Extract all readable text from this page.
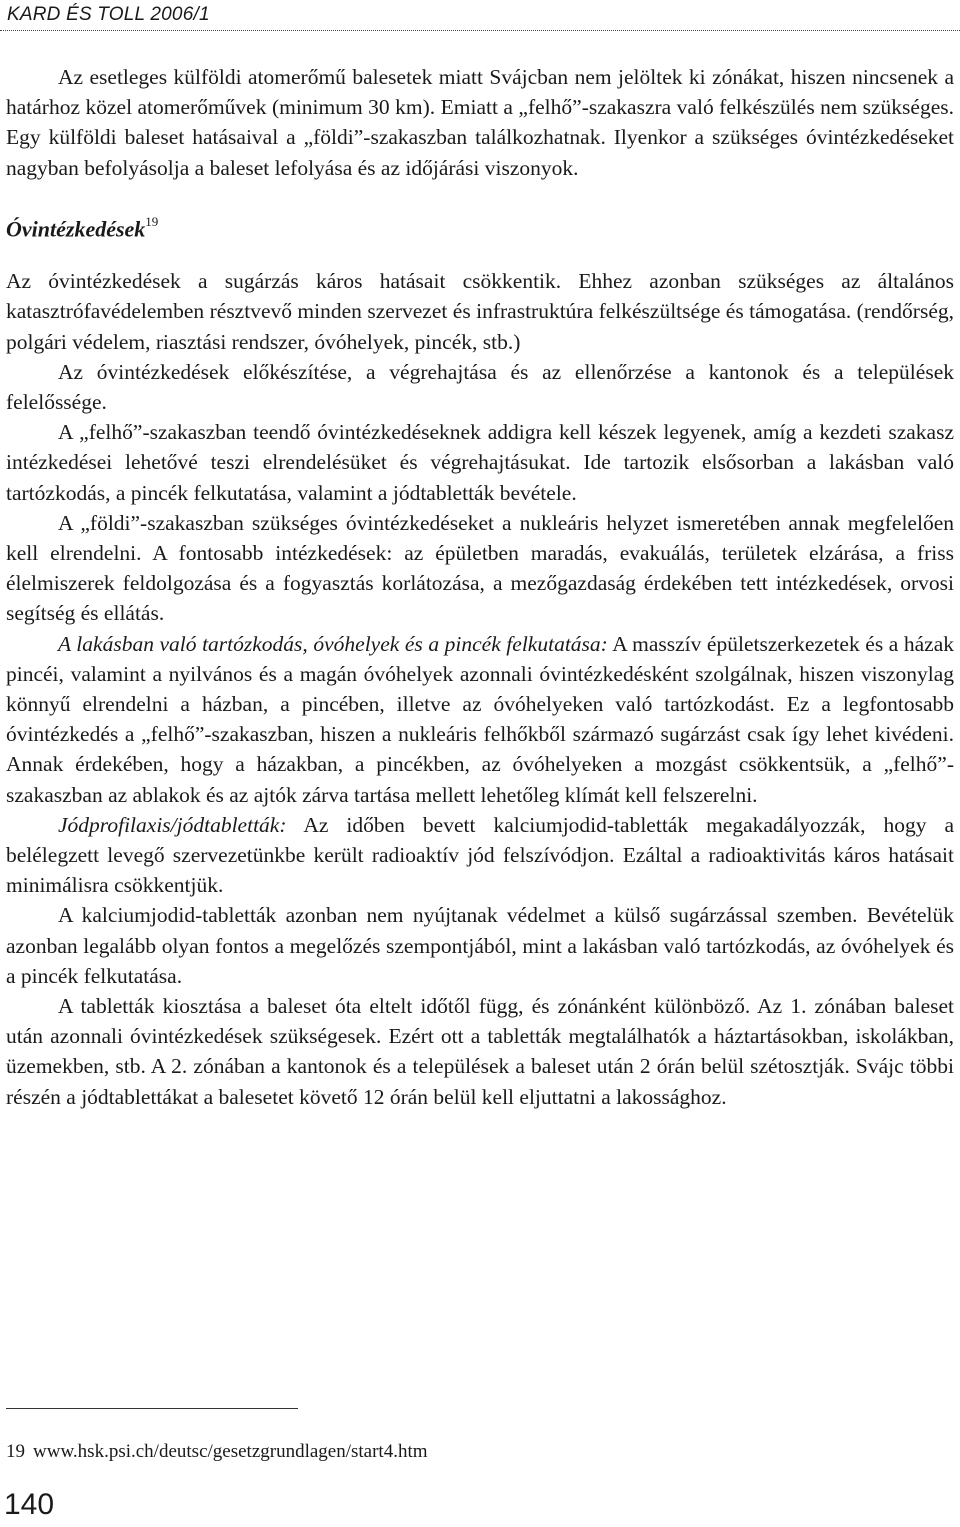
KARD ÉS TOLL 2006/1

Az esetleges külföldi atomerőmű balesetek miatt Svájcban nem jelöltek ki zónákat, hiszen nincsenek a határhoz közel atomerőművek (minimum 30 km). Emiatt a „felhő”-szakaszra való felkészülés nem szükséges. Egy külföldi baleset hatásaival a „földi”-szakaszban találkozhatnak. Ilyenkor a szükséges óvintézkedéseket nagyban befolyásolja a baleset lefolyása és az időjárási viszonyok.

Óvintézkedések$^{19}$

Az óvintézkedések a sugárzás káros hatásait csökkentik. Ehhez azonban szükséges az általános katasztrófavédelemben résztvevő minden szervezet és infrastruktúra felkészültsége és támogatása. (rendőrség, polgári védelem, riasztási rendszer, óvóhelyek, pincék, stb.)

Az óvintézkedések előkészítése, a végrehajtása és az ellenőrzése a kantonok és a települések felelőssége.

A „felhő”-szakaszban teendő óvintézkedéseknek addigra kell készek legyenek, amíg a kezdeti szakasz intézkedései lehetővé teszi elrendelésüket és végrehajtásukat. Ide tartozik elsősorban a lakásban való tartózkodás, a pincék felkutatása, valamint a jódtabletták bevétele.

A „földi”-szakaszban szükséges óvintézkedéseket a nukleáris helyzet ismeretében annak megfelelően kell elrendelni. A fontosabb intézkedések: az épületben maradás, evakuálás, területek elzárása, a friss élelmiszerek feldolgozása és a fogyasztás korlátozása, a mezőgazdaság érdekében tett intézkedések, orvosi segítség és ellátás.

A lakásban való tartózkodás, óvóhelyek és a pincék felkutatása: A masszív épületszerkezetek és a házak pincéi, valamint a nyilvános és a magán óvóhelyek azonnali óvintézkedésként szolgálnak, hiszen viszonylag könnyű elrendelni a házban, a pincében, illetve az óvóhelyeken való tartózkodást. Ez a legfontosabb óvintézkedés a „felhő”-szakaszban, hiszen a nukleáris felhőkből származó sugárzást csak így lehet kivédeni. Annak érdekében, hogy a házakban, a pincékben, az óvóhelyeken a mozgást csökkentsük, a „felhő”-szakaszban az ablakok és az ajtók zárva tartása mellett lehetőleg klímát kell felszerelni.

Jódprofilaxis/jódtabletták: Az időben bevett kalciumjodid-tabletták megakadályozzák, hogy a belélegzett levegő szervezetünkbe került radioaktív jód felszívódjon. Ezáltal a radioaktivitás káros hatásait minimálisra csökkentjük.

A kalciumjodid-tabletták azonban nem nyújtanak védelmet a külső sugárzással szemben. Bevételük azonban legalább olyan fontos a megelőzés szempontjából, mint a lakásban való tartózkodás, az óvóhelyek és a pincék felkutatása.

A tabletták kiosztása a baleset óta eltelt időtől függ, és zónánként különböző. Az 1. zónában baleset után azonnali óvintézkedések szükségesek. Ezért ott a tabletták megtalálhatók a háztartásokban, iskolákban, üzemekben, stb. A 2. zónában a kantonok és a települések a baleset után 2 órán belül szétosztják. Svájc többi részén a jódtablettákat a balesetet követő 12 órán belül kell eljuttatni a lakossághoz.

19 www.hsk.psi.ch/deutsc/gesetzgrundlagen/start4.htm
140
